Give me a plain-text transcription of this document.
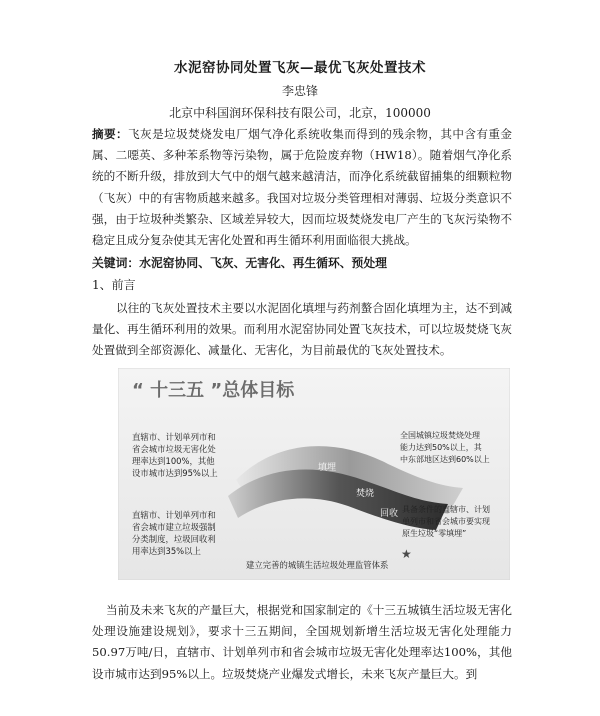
水泥窑协同处置飞灰—最优飞灰处置技术
李忠锋
北京中科国润环保科技有限公司，北京，100000

摘要：飞灰是垃圾焚烧发电厂烟气净化系统收集而得到的残余物，其中含有重金属、二噁英、多种苯系物等污染物，属于危险废弃物（HW18）。随着烟气净化系统的不断升级，排放到大气中的烟气越来越清洁，而净化系统截留捕集的细颗粒物（飞灰）中的有害物质越来越多。我国对垃圾分类管理相对薄弱、垃圾分类意识不强，由于垃圾种类繁杂、区域差异较大，因而垃圾焚烧发电厂产生的飞灰污染物不稳定且成分复杂使其无害化处置和再生循环利用面临很大挑战。

关键词：水泥窑协同、飞灰、无害化、再生循环、预处理
1、前言

以往的飞灰处置技术主要以水泥固化填埋与药剂螯合固化填埋为主，达不到减量化、再生循环利用的效果。而利用水泥窑协同处置飞灰技术，可以垃圾焚烧飞灰处置做到全部资源化、减量化、无害化，为目前最优的飞灰处置技术。

“ 十三五 ”总体目标
填埋
焚烧
回收
直辖市、计划单列市和
省会城市垃圾无害化处
理率达到100%，其他
设市城市达到95%以上
直辖市、计划单列市和
省会城市建立垃圾强制
分类制度，垃圾回收利
用率达到35%以上
全国城镇垃圾焚烧处理
能力达到50%以上，其
中东部地区达到60%以上
具备条件的直辖市、计划
单列市和省会城市要实现
原生垃圾“零填埋”
建立完善的城镇生活垃圾处理监管体系
★

当前及未来飞灰的产量巨大，根据党和国家制定的《十三五城镇生活垃圾无害化处理设施建设规划》，要求十三五期间，全国规划新增生活垃圾无害化处理能力50.97万吨/日，直辖市、计划单列市和省会城市垃圾无害化处理率达100%，其他设市城市达到95%以上。垃圾焚烧产业爆发式增长，未来飞灰产量巨大。到
